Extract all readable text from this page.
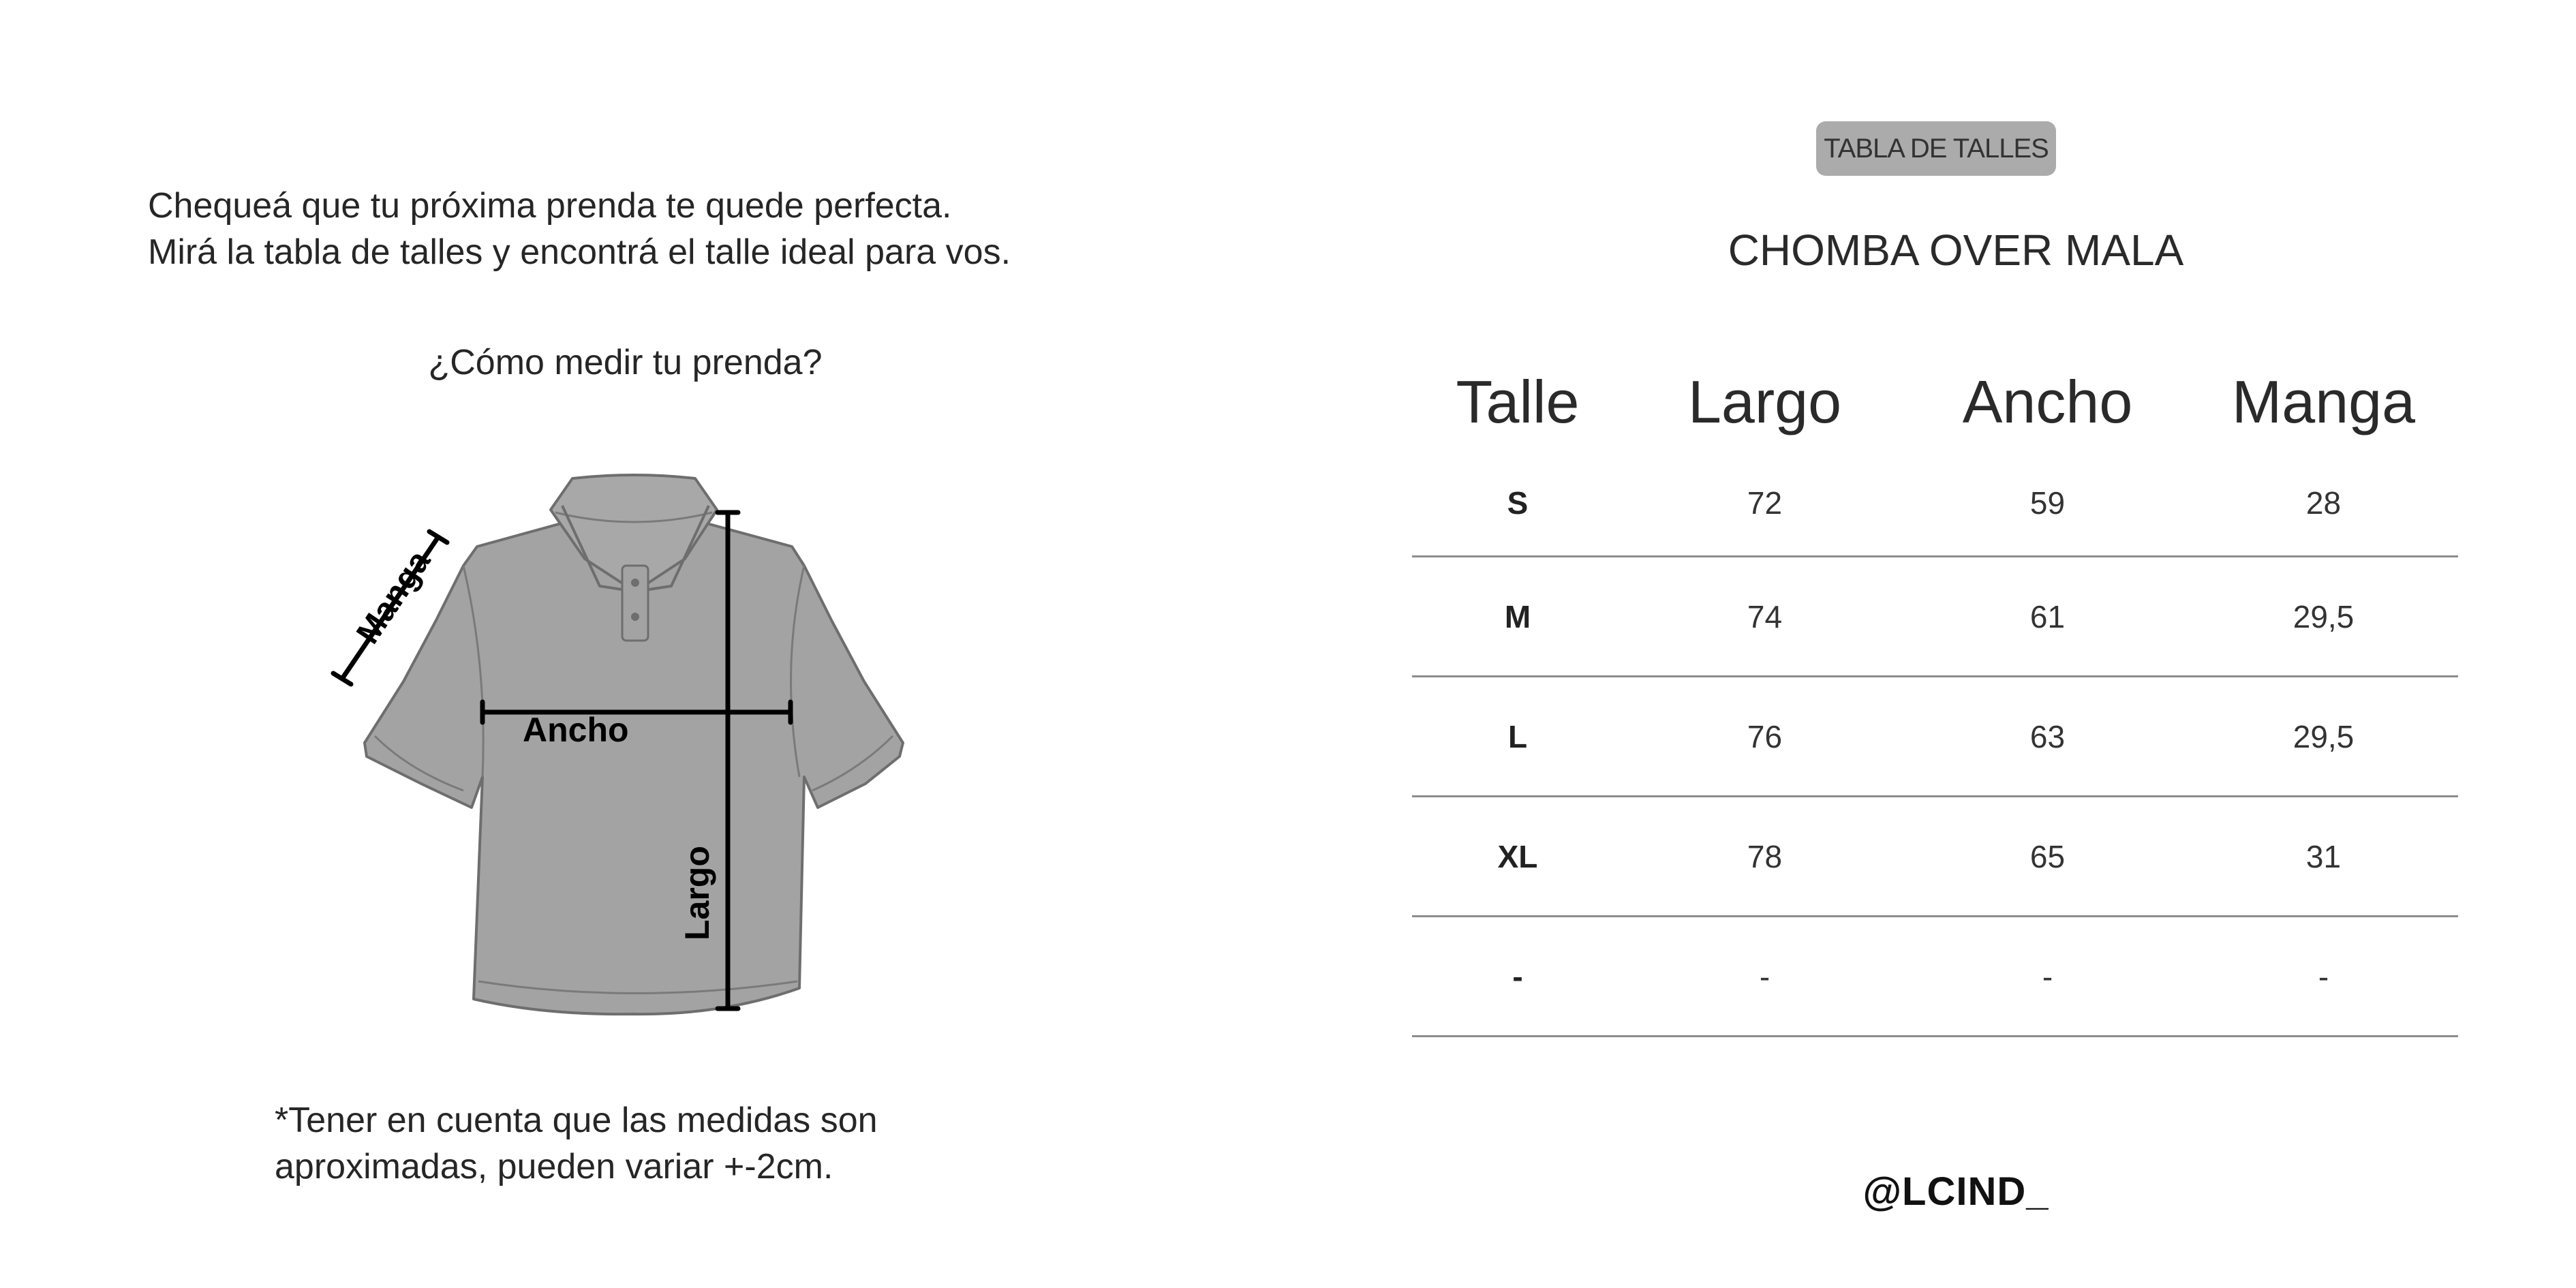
Chequeá que tu próxima prenda te quede perfecta.
Mirá la tabla de talles y encontrá el talle ideal para vos.
¿Cómo medir tu prenda?
Manga
Ancho
Largo
*Tener en cuenta que las medidas son
aproximadas, pueden variar +-2cm.
TABLA DE TALLES
CHOMBA OVER MALA
Talle	Largo	Ancho	Manga
S	72	59	28
M	74	61	29,5
L	76	63	29,5
XL	78	65	31
-	-	-	-
@LCIND_
